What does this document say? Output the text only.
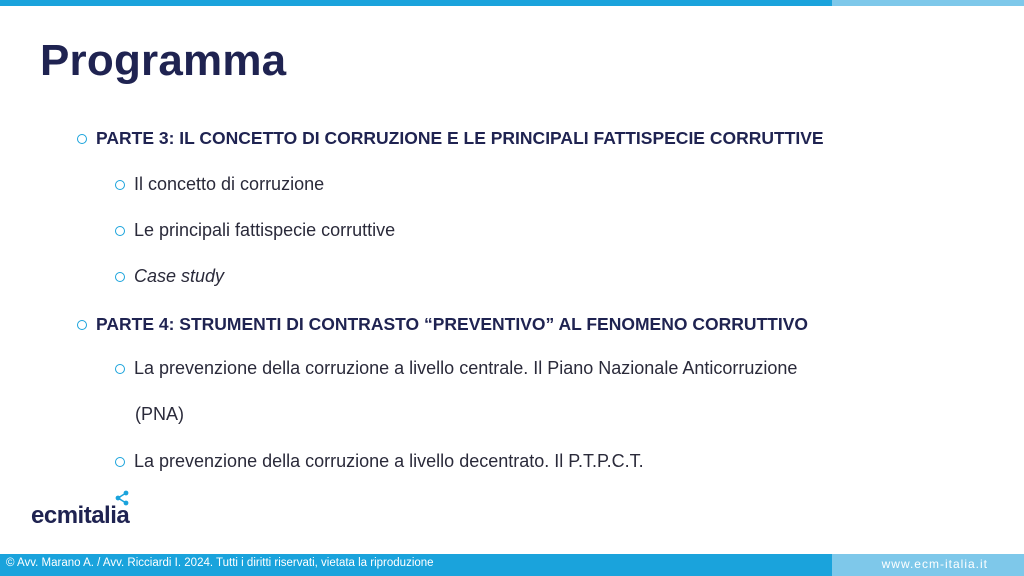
Programma
PARTE 3: IL CONCETTO DI CORRUZIONE E LE PRINCIPALI FATTISPECIE CORRUTTIVE
Il concetto di corruzione
Le principali fattispecie corruttive
Case study
PARTE 4: STRUMENTI DI CONTRASTO “PREVENTIVO” AL FENOMENO CORRUTTIVO
La prevenzione della corruzione a livello centrale. Il Piano Nazionale Anticorruzione
(PNA)
La prevenzione della corruzione a livello decentrato. Il P.T.P.C.T.
ecmitalia
© Avv. Marano A. / Avv. Ricciardi I. 2024. Tutti i diritti riservati, vietata la riproduzione	www.ecm-italia.it
